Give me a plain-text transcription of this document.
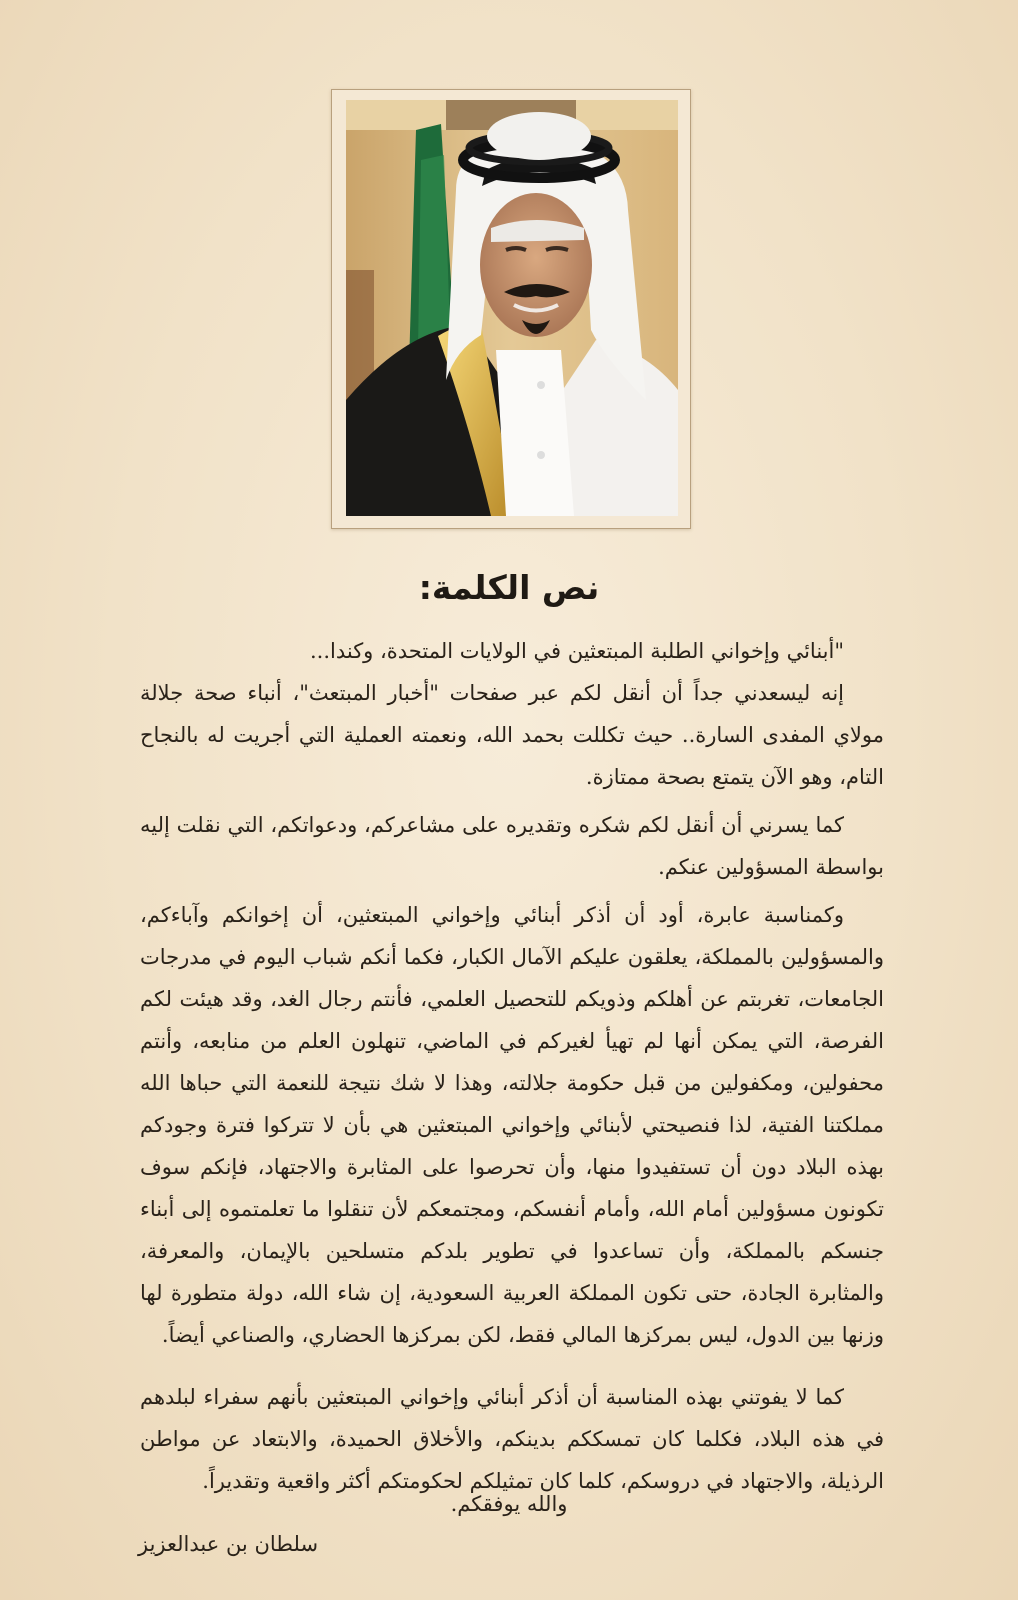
نص الكلمة:

"أبنائي وإخواني الطلبة المبتعثين في الولايات المتحدة، وكندا...

إنه ليسعدني جداً أن أنقل لكم عبر صفحات "أخبار المبتعث"، أنباء صحة جلالة مولاي المفدى السارة.. حيث تكللت بحمد الله، ونعمته العملية التي أجريت له بالنجاح التام، وهو الآن يتمتع بصحة ممتازة.

كما يسرني أن أنقل لكم شكره وتقديره على مشاعركم، ودعواتكم، التي نقلت إليه بواسطة المسؤولين عنكم.

وكمناسبة عابرة، أود أن أذكر أبنائي وإخواني المبتعثين، أن إخوانكم وآباءكم، والمسؤولين بالمملكة، يعلقون عليكم الآمال الكبار، فكما أنكم شباب اليوم في مدرجات الجامعات، تغربتم عن أهلكم وذويكم للتحصيل العلمي، فأنتم رجال الغد، وقد هيئت لكم الفرصة، التي يمكن أنها لم تهيأ لغيركم في الماضي، تنهلون العلم من منابعه، وأنتم محفولين، ومكفولين من قبل حكومة جلالته، وهذا لا شك نتيجة للنعمة التي حباها الله مملكتنا الفتية، لذا فنصيحتي لأبنائي وإخواني المبتعثين هي بأن لا تتركوا فترة وجودكم بهذه البلاد دون أن تستفيدوا منها، وأن تحرصوا على المثابرة والاجتهاد، فإنكم سوف تكونون مسؤولين أمام الله، وأمام أنفسكم، ومجتمعكم لأن تنقلوا ما تعلمتموه إلى أبناء جنسكم بالمملكة، وأن تساعدوا في تطوير بلدكم متسلحين بالإيمان، والمعرفة، والمثابرة الجادة، حتى تكون المملكة العربية السعودية، إن شاء الله، دولة متطورة لها وزنها بين الدول، ليس بمركزها المالي فقط، لكن بمركزها الحضاري، والصناعي أيضاً.

كما لا يفوتني بهذه المناسبة أن أذكر أبنائي وإخواني المبتعثين بأنهم سفراء لبلدهم في هذه البلاد، فكلما كان تمسككم بدينكم، والأخلاق الحميدة، والابتعاد عن مواطن الرذيلة، والاجتهاد في دروسكم، كلما كان تمثيلكم لحكومتكم أكثر واقعية وتقديراً.

والله يوفقكم.
سلطان بن عبدالعزيز
